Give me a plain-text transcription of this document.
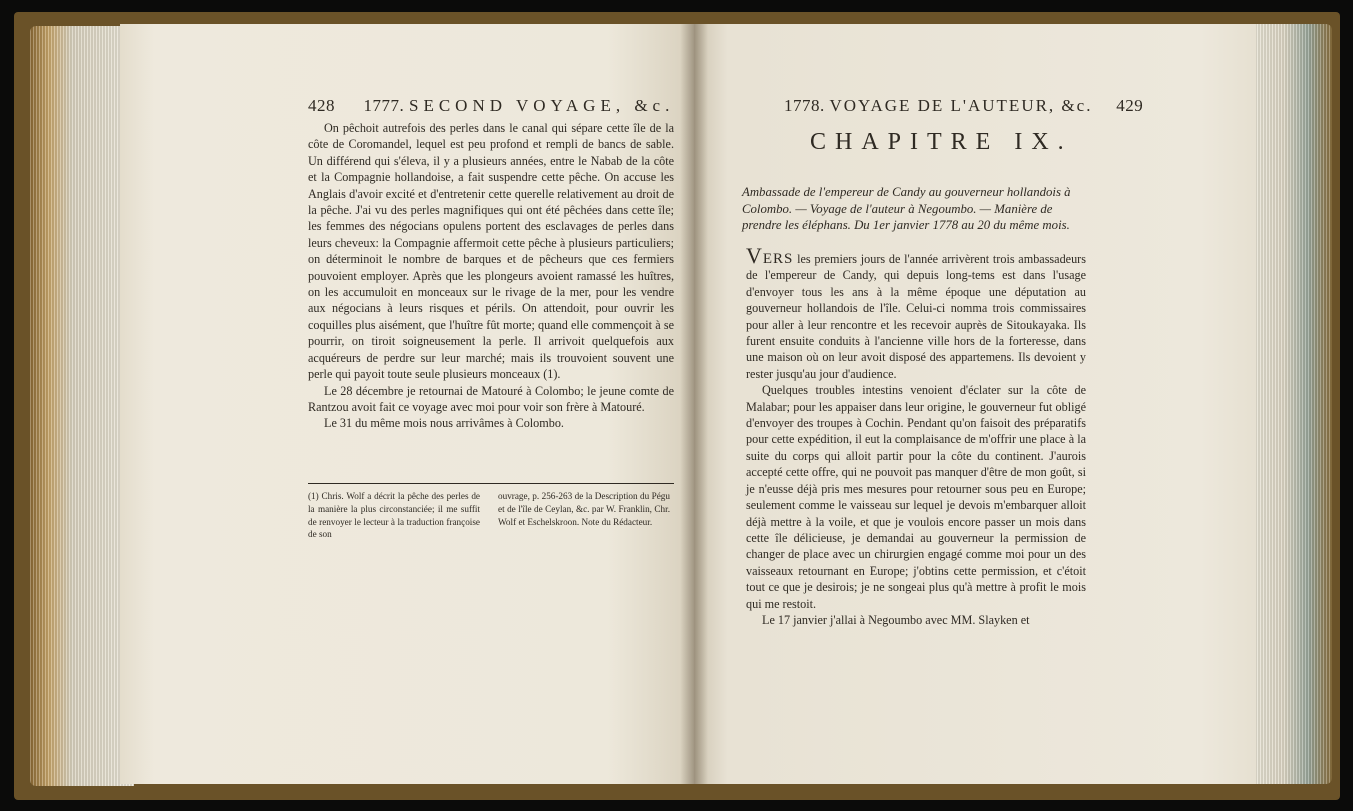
428 1777. SECOND VOYAGE, &c.

On pêchoit autrefois des perles dans le canal qui sépare cette île de la côte de Coromandel, lequel est peu profond et rempli de bancs de sable. Un différend qui s'éleva, il y a plusieurs années, entre le Nabab de la côte et la Compagnie hollandoise, a fait suspendre cette pêche. On accuse les Anglais d'avoir excité et d'entretenir cette querelle relativement au droit de la pêche. J'ai vu des perles magnifiques qui ont été pêchées dans cette île; les femmes des négocians opulens portent des esclavages de perles dans leurs cheveux: la Compagnie affermoit cette pêche à plusieurs particuliers; on déterminoit le nombre de barques et de pêcheurs que ces fermiers pouvoient employer. Après que les plongeurs avoient ramassé les huîtres, on les accumuloit en monceaux sur le rivage de la mer, pour les vendre aux négocians à leurs risques et périls. On attendoit, pour ouvrir les coquilles plus aisément, que l'huître fût morte; quand elle commençoit à se pourrir, on tiroit soigneusement la perle. Il arrivoit quelquefois aux acquéreurs de perdre sur leur marché; mais ils trouvoient souvent une perle qui payoit toute seule plusieurs monceaux (1).

Le 28 décembre je retournai de Matouré à Colombo; le jeune comte de Rantzou avoit fait ce voyage avec moi pour voir son frère à Matouré.

Le 31 du même mois nous arrivâmes à Colombo.

(1) Chris. Wolf a décrit la pêche des perles de la manière la plus circonstanciée; il me suffit de renvoyer le lecteur à la traduction françoise de son
ouvrage, p. 256-263 de la Description du Pégu et de l'île de Ceylan, &c. par W. Franklin, Chr. Wolf et Eschelskroon. Note du Rédacteur.
1778. VOYAGE DE L'AUTEUR, &c. 429
CHAPITRE IX.
Ambassade de l'empereur de Candy au gouverneur hollandois à Colombo. — Voyage de l'auteur à Negoumbo. — Manière de prendre les éléphans. Du 1er janvier 1778 au 20 du même mois.

Vers les premiers jours de l'année arrivèrent trois ambassadeurs de l'empereur de Candy, qui depuis long-tems est dans l'usage d'envoyer tous les ans à la même époque une députation au gouverneur hollandois de l'île. Celui-ci nomma trois commissaires pour aller à leur rencontre et les recevoir auprès de Sitoukayaka. Ils furent ensuite conduits à l'ancienne ville hors de la forteresse, dans une maison où on leur avoit disposé des appartemens. Ils devoient y rester jusqu'au jour d'audience.

Quelques troubles intestins venoient d'éclater sur la côte de Malabar; pour les appaiser dans leur origine, le gouverneur fut obligé d'envoyer des troupes à Cochin. Pendant qu'on faisoit des préparatifs pour cette expédition, il eut la complaisance de m'offrir une place à la suite du corps qui alloit partir pour la côte du continent. J'aurois accepté cette offre, qui ne pouvoit pas manquer d'être de mon goût, si je n'eusse déjà pris mes mesures pour retourner sous peu en Europe; seulement comme le vaisseau sur lequel je devois m'embarquer alloit déjà mettre à la voile, et que je voulois encore passer un mois dans cette île délicieuse, je demandai au gouverneur la permission de changer de place avec un chirurgien engagé comme moi pour un des vaisseaux retournant en Europe; j'obtins cette permission, et c'étoit tout ce que je desirois; je ne songeai plus qu'à mettre à profit le mois qui me restoit.

Le 17 janvier j'allai à Negoumbo avec MM. Slayken et
